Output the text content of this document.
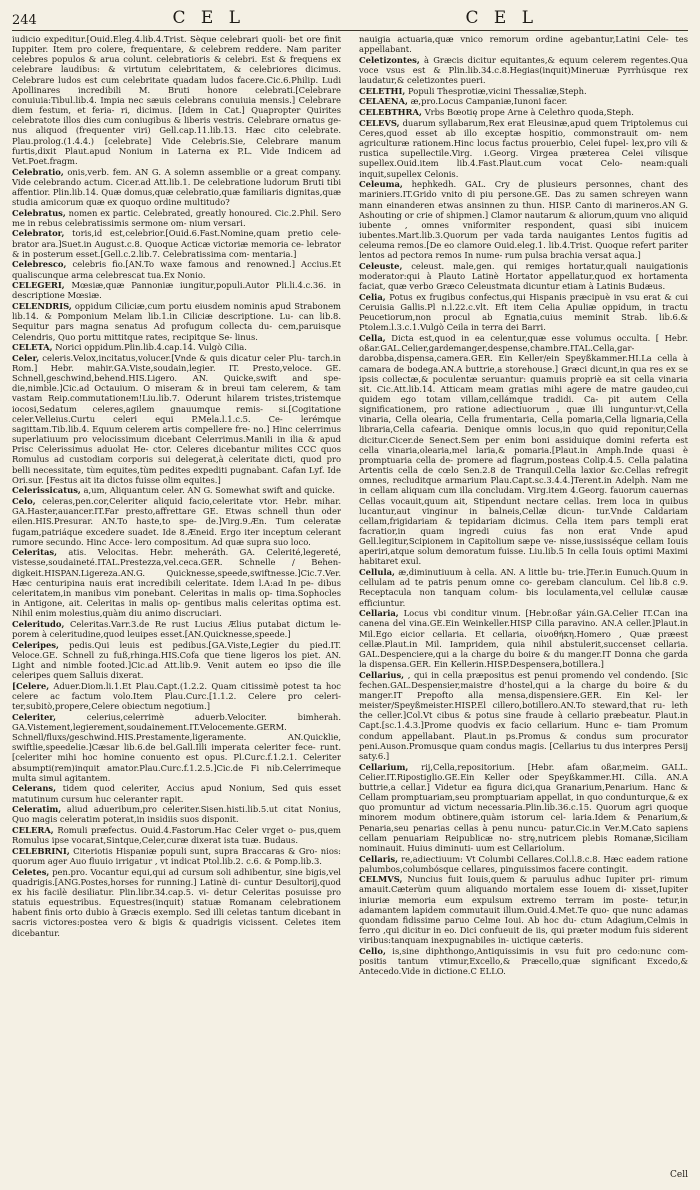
244	C E L	C E L

iudicio expeditur.[Ouid.Eleg.4.lib.4.Trist. Sèque celebrari quoli- bet ore finit Iuppiter. Item pro colere, frequentare, & celebrem reddere. Nam pariter celebres populos & arua colunt. celebratioris & celebri. Est & frequens ex celebrare laudibus: & virtutum celebritatem, & celebriores dicimus. Celebrare ludos est cum celebritate quadam ludos facere.Cic.6.Philip. Ludi Apollinares incredibili M. Bruti honore celebrati.[Celebrare conuiuia:Tibul.lib.4. Impia nec sæuis celebrans conuiuia mensis.] Celebrare diem festum, et feria- ri, dicimus. [Idem in Cat.] Quapropter Quirites celebratote illos dies cum coniugibus & liberis vestris. Celebrare ornatus ge- nus aliquod (frequenter viri) Gell.cap.11.lib.13. Hæc cito celebrate. Plau.prolog.(1.4.4.) [celebrate] Vide Celebris.Sie, Celebrare manum furtis,dixit Plaut.apud Nonium in Laterna ex P.L. Vide Indicem ad Vet.Poet.fragm.

Celebratio, onis,verb. fem. AN G. A solemn assemblie or a great company. Vide celebrando actum. Cicer.ad Att.lib.1. De celebratione ludorum Bruti tibi affentior. Plin.lib.14. Quæ domus,quæ celebratio,quæ familiaris dignitas,quæ studia amicorum quæ ex quoquo ordine multitudo?

Celebratus, nomen ex partic. Celebrated, greatly honoured. Cic.2.Phil. Sero me in rebus celebratissimis sermone om- nium versari.

Celebrator, toris,id est,celebrior.[Ouid.6.Fast.Nomine,quam pretio cele- brator ara.]Suet.in August.c.8. Quoque Acticæ victoriæ memoria ce- lebrator & in posterum esset.[Gell.c.2.lib.7. Celebratissima com- mentaria.]

Celebresco, celebris fio.[AN.To waxe famous and renowned.] Accius.Et qualiscunque arma celebrescat tua.Ex Nonio.

CELEGERI, Mœsiæ,quæ Pannoniæ iungitur,populi.Autor Pli.li.4.c.36. in descriptione Mœsiæ.

CELENDRIS, oppidum Ciliciæ,cum portu eiusdem nominis apud Strabonem lib.14. & Pomponium Melam lib.1.in Ciliciæ descriptione. Lu- can lib.8. Sequitur pars magna senatus Ad profugum collecta du- cem,paruisque Celendris, Quo portu mittitque rates, recipitque Se- linus.

CELETA, Norici oppidum.Plin.lib.4.cap.14. Vulgò Cilia.

Celer, celeris.Velox,incitatus,volucer.[Vnde & quis dicatur celer Plu- tarch.in Rom.] Hebr. mahir.GA.Viste,soudain,legier. IT. Presto,veloce. GE. Schnell,geschwind,behend.HIS.Ligero. AN. Quicke,swift and spe- die,nimble.]Cic.ad Octauium. O miseram & in breui tam celerem, & tam vastam Reip.commutationem!Liu.lib.7. Oderunt hilarem tristes,tristemque iocosi,Sedatum celeres,agilem gnauumque remis- si.[Cogitatione celer.Velleius.Curtu celeri equi P.Mela.l.1.c.5. Ce- lerémque sagittam.Tib.lib.4. Equum celerem artis compellere fre- no.] Hinc celerrimus superlatiuum pro velocissimum dicebant Celerrimus.Manili in ilia & apud Prisc Celerissimus aduolat He- ctor. Celeres dicebantur milites CCC quos Romulus ad custodiam corporis sui delegerat,à celeritate dicti, quod pro belli necessitate, tùm equites,tùm pedites expediti pugnabant. Cafan Lyf. Ide Ori.sur. [Festus ait ita dictos fuisse olim equites.]

Celerissicatus, a,um, Aliquantum celer. AN G. Somewhat swift and quicke.

Celo, celeras,pen.cor,Celeriter aliquid facio,celeritate vtor. Hebr. mihar. GA.Haster,auancer.IT.Far presto,affrettare GE. Etwas schnell thun oder eilen.HIS.Presurar. AN.To haste,to spe- de.]Virg.9.Æn. Tum celeratæ fugam,patriáque excedere suadet. Ide 8.Æneid. Ergo iter inceptum celerant rumore secundo. Hinc Acce- lero compositum. Ad quæ supra suo loco.

Celeritas, atis. Velocitas. Hebr. meheráth. GA. Celerité,legereté, vistesse,soudaineté.ITAL.Prestezza,vel.ceca.GER. Schnelle / Behen- digkeit.HISPAN.Ligereza.AN.G. Quicknesse,speede,swiftnesse.]Cic.7.Ver. Hæc centuripina nauis erat incredibili celeritate. Idem l.A:ad In pe- dibus celeritatem,in manibus vim ponebant. Celeritas in malis op- tima.Sophocles in Antigone, ait. Celeritas in malis op- gentibus malis celeritas optima est. Nihil enim molestius,quàm diu animo discruciari.

Celeritudo, Celeritas.Varr.3.de Re rust Lucius Ælius putabat dictum le- porem à celeritudine,quod leuipes esset.[AN.Quicknesse,speede.]

Celeripes, pedis.Qui leuis est pedibus.[GA.Viste,Legier du pied.IT. Veloce.GE. Schnell zu fuß,rhinga.HIS.Cofa que tiene ligeros los piet. AN. Light and nimble footed.]Cic.ad Att.lib.9. Venit autem eo ipso die ille celeripes quem Salluis dixerat.

[Celere, Aduer.Diom.li.1.Et Plau.Capt.(1.2.2. Quam citissimè potest ta hoc celere ac factum volo.Item Plau.Curc.[1.1.2. Celere pro celeri- ter,subitò,propere,Celere obiectum negotium.]

Celeriter,	celerius,celerrimè aduerb.Velociter. bimherah. GA.Vistement,legierement,soudainement.IT.Velocemente.GERM. Schnell/fluxs/geschwind.HIS.Prestamente,ligeramente. AN.Quicklie, swiftlie,speedelie.]Cæsar lib.6.de bel.Gall.Illi imperata celeriter fece- runt.[celeriter mihi hoc homine conuento est opus. Pl.Curc.f.1.2.1. Celeriter absumpti(rem)inquit amator.Plau.Curc.f.1.2.5.]Cic.de Fi nib.Celerrimeque multa simul agitantem.

Celerans, tidem quod celeriter, Accius apud Nonium, Sed quis esset matutinum cursum huc celeranter rapit.

Celeratim, aliud adueribum,pro celeriter.Sisen.histi.lib.5.ut citat Nonius, Quo magis celeratim poterat,in insidiis suos disponit.

CELERA, Romuli præfectus. Ouid.4.Fastorum.Hac Celer vrget o- pus,quem Romulus ipse vocarat,Sintque,Celer,curæ dixerat ista tuæ. Budaus.

CELEBRINI, Citeriotis Hispaniæ populi sunt, supra Braccaras & Gro- nios: quorum ager Auo fluuio irrigatur , vt indicat Ptol.lib.2. c.6. & Pomp.lib.3.

Celetes, pen.pro. Vocantur equi,qui ad cursum soli adhibentur, sine bigis,vel quadrigis.[ANG.Postes,horses for running.] Latinè di- cuntur Desultorij,quod ex his facilè desiliatur. Plin.libr.34.cap.5. vi- detur Celeritas posuisse pro statuis equestribus. Equestres(inquit) statuæ Romanam celebrationem habent finis orto dubio à Græcis exemplo. Sed illi celetas tantum dicebant in sacris victores:postea vero & bigis & quadrigis vicissent. Celetes item dicebantur.

nauigia actuaria,quæ vnico remorum ordine agebantur,Latini Cele- tes appellabant.

Celetizontes, à Græcis dicitur equitantes,& equum celerem regentes.Qua voce vsus est & Plin.lib.34.c.8.Hegias(inquit)Mineruæ Pyrrhúsque rex laudatur,& celetizontes pueri.

CELETHI, Populi Thesprotiæ,vicini Thessaliæ,Steph.

CELAENA, æ,pro.Locus Campaniæ,Iunoni facer.

CELEBTHRA, Vrbs Bœotię prope Arne à Celethro quoda,Steph.

CELEVS, duarum syllabarum,Rex erat Eleusinæ,apud quem Triptolemus cui Ceres,quod esset ab illo exceptæ hospitio, commonstrauit om- nem agriculturæ rationem.Hinc locus factus prouerbio, Celei fupel- lex,pro vili & rustica supellectile.Virg. i.Georg. Virgea præterea Celei vilisque supellex.Ouid.item lib.4.Fast.Plaut.cum vocat Celo- neam:quali inquit,supellex Celonis.

Celeuma, hephkedh. GAL. Cry de plusieurs personnes, chant des mariniers.IT.Grido vnito di piu persone.GE. Das zu samen schreyen wann mann einanderen etwas ansinnen zu thun. HISP. Canto di marineros.AN G. Ashouting or crie of shipmen.] Clamor nautarum & aliorum,quum vno aliquid iubente , omnes vniformiter respondent, quasi sibi inuicem iubentes.Mart.lib.3.Quorum per vada tarda nauigantes Lentos fugitis ad celeuma remos.[De eo clamore Ouid.eleg.1. lib.4.Trist. Quoque refert pariter lentos ad pectora remos In nume- rum pulsa brachia versat aqua.]

Celeuste, celeust. male,gen. qui remiges hortatur,quali nauigationis moderator:qui à Plauto Latinè Hortator appellatur,quod ex hortamenta faciat, quæ verbo Græco Celeustmata dicuntur etiam à Latinis Budæus.

Celia, Potus ex frugibus confectus,qui Hispanis præcipuè in vsu erat & cui Ceruisia Gallis.Pl n.l.22.c.vlt. Eft item Celia Apuliæ oppidum, in tractu Peucetiorum,non procul ab Egnatia,cuius meminit Strab. lib.6.& Ptolem.l.3.c.1.Vulgò Ceila in terra dei Barri.

Cella, Dicta est,quod in ea celentur,quæ esse volumus occulta. [ Hebr. oßar.GAL.Celier,gardemanger,despense,chambre.ITAL.Cella,gar- darobba,dispensa,camera.GER. Ein Keller/ein Speyßkammer.HI.La cella à camara de bodega.AN.A buttrie,a storehouse.] Græci dicunt,in qua res ex se ipsis collectæ,& poculentæ seruantur: quamuis propriè ea sit cella vinaria sit. Cic.Att.lib.14. Atticam meam gratias mihi agere de matre gaudeo,cui quidem ego totam villam,cellámque tradidi. Ca- pit autem Cella significationem, pro ratione adiectiuorum , quæ illi iunguntur:vt,Cella vinaria, Cella olearia, Cella frumentaria, Cella pomaria,Cella lignaria,Cella libraria,Cella cafearia. Denique omnis locus,in quo quid reponitur,Cella dicitur.Cicer.de Senect.Sem per enim boni assiduique domini referta est cella vinaria,olearia,mel laria,& pomaria.[Plaut.in Amph.Inde quasi è promptuaria cella de- promere ad flagrum,posteas Colip.4.5. Cella palatina Artentis cella de cœlo Sen.2.8 de Tranquil.Cella laxior &c.Cellas refregit omnes, recluditque armarium Plau.Capt.sc.3.4.4.]Terent.in Adelph. Nam me in cellam aliquam cum illa concludam. Virg.item 4.Georg. fauorum cauernas Cellas vocauit,quum ait, Stipendunt nectare cellas. Irem loca in quibus lucantur,aut vinginur in balneis,Cellæ dicun- tur.Vnde Caldariam cellam,frigidariam & tepidariam dicimus. Cella item pars templi erat facratior,in quam ingredi cuius fas non erat Vnde apud Gell.legitur,Scipionem in Capitolium sæpe ve- nisse,iussisséque cellam Iouis aperiri,atque solum demoratum fuisse. Liu.lib.5 In cella Iouis optimi Maximi habitaret exul.

Cellula, æ,diminutiuum à cella. AN. A little bu- trie.]Ter.in Eunuch.Quum in cellulam ad te patris penum omne co- gerebam clanculum. Cel lib.8 c.9. Receptacula non tanquam colum- bis loculamenta,vel cellulæ causæ efficiuntur.

Cellaria, Locus vbi conditur vinum. [Hebr.oßar yáin.GA.Celier IT.Can ina canena del vina.GE.Ein Weinkeller.HISP Cilla paravino. AN.A celler.]Plaut.in Mil.Ego eicior cellaria. Et cellaria, οἰνοθήκη.Homero , Quæ præest cellæ.Plaut.in Mil. Iampridem, quia nihil abstulerit,succenset cellaria. GAL.Despenciere,qui a la charge du boire & du manger.IT Donna che garda la dispensa.GER. Ein Kellerin.HISP.Despensera,botillera.]

Cellarius, , qui in cella præpositus est penui promendo vel condendo. [Sic fechen.GAL.Despensier,maistre d'hostel,qui a la charge du boire & du manger.IT Prepofto alla mensa,dispensiere.GER. Ein Kel- ler meister/Speyßmeister.HISP.El cillero,botillero.AN.To steward,that ru- leth the celler.]Col.Vt cibus & potus sine fraude à cellario præbeatur. Plaut.in Capt.[sc.1.4.3.]Prome quodvis ex facio cellarium. Hunc e- tiam Promum condum appellabant. Plaut.in ps.Promus & condus sum procurator peni.Auson.Promusque quam condus magis. [Cellarius tu dus interpres Persij saty.6.]

Cellarium, rij,Cella,repositorium. [Hebr. afam oßar,meim. GALL. Celier.IT.Ripostiglio.GE.Ein Keller oder Speyßkammer.HI. Cilla. AN.A buttrie,a cellar.] Videtur ea figura dici,qua Granarium,Penarium. Hanc & Cellam promptuariam,seu promptuariam appellat, in quo condunturque,& ex quo promuntur ad victum necessaria.Plin.lib.36.c.15. Quorum agri quoque minorem modum obtinere,quàm istorum cel- laria.Idem & Penarium,& Penaria,seu penarias cellas à penu nuncu- patur.Cic.in Ver.M.Cato sapiens cellam penuariam Reipublicæ no- strę,nutricem plebis Romanæ,Siciliam nominauit. Huius diminuti- uum est Cellariolum.

Cellaris, re,adiectiuum: Vt Columbi Cellares.Col.l.8.c.8. Hæc eadem ratione palumbos,columbósque cellares, pinguissimos facere contingit.

CELMVS, Nuncius fuit Iouis,quem & paruulus adhuc Iupiter pri- rimum amauit.Cæterùm quum aliquando mortalem esse Iouem di- xisset,Iupiter iniuriæ memoria eum expulsum extremo terram im poste- tetur,in adamantem lapidem commutauit illum.Ouid.4.Met.Te quo- que nunc adamas quondam fidissime paruo Celme Ioui. Ab hoc du- ctum Adagium,Celmis in ferro ,qui dicitur in eo. Dici confueuit de iis, qui præter modum fuis siderent viribus:tanquam inexpugnabiles in- uictique cæteris.

Cello, is,sine diphthongo,Antiquissimis in vsu fuit pro cedo:nunc com- positis tantum vtimur,Excello,& Præcello,quæ significant Excedo,& Antecedo.Vide in dictione.C ELLO.

Cell
